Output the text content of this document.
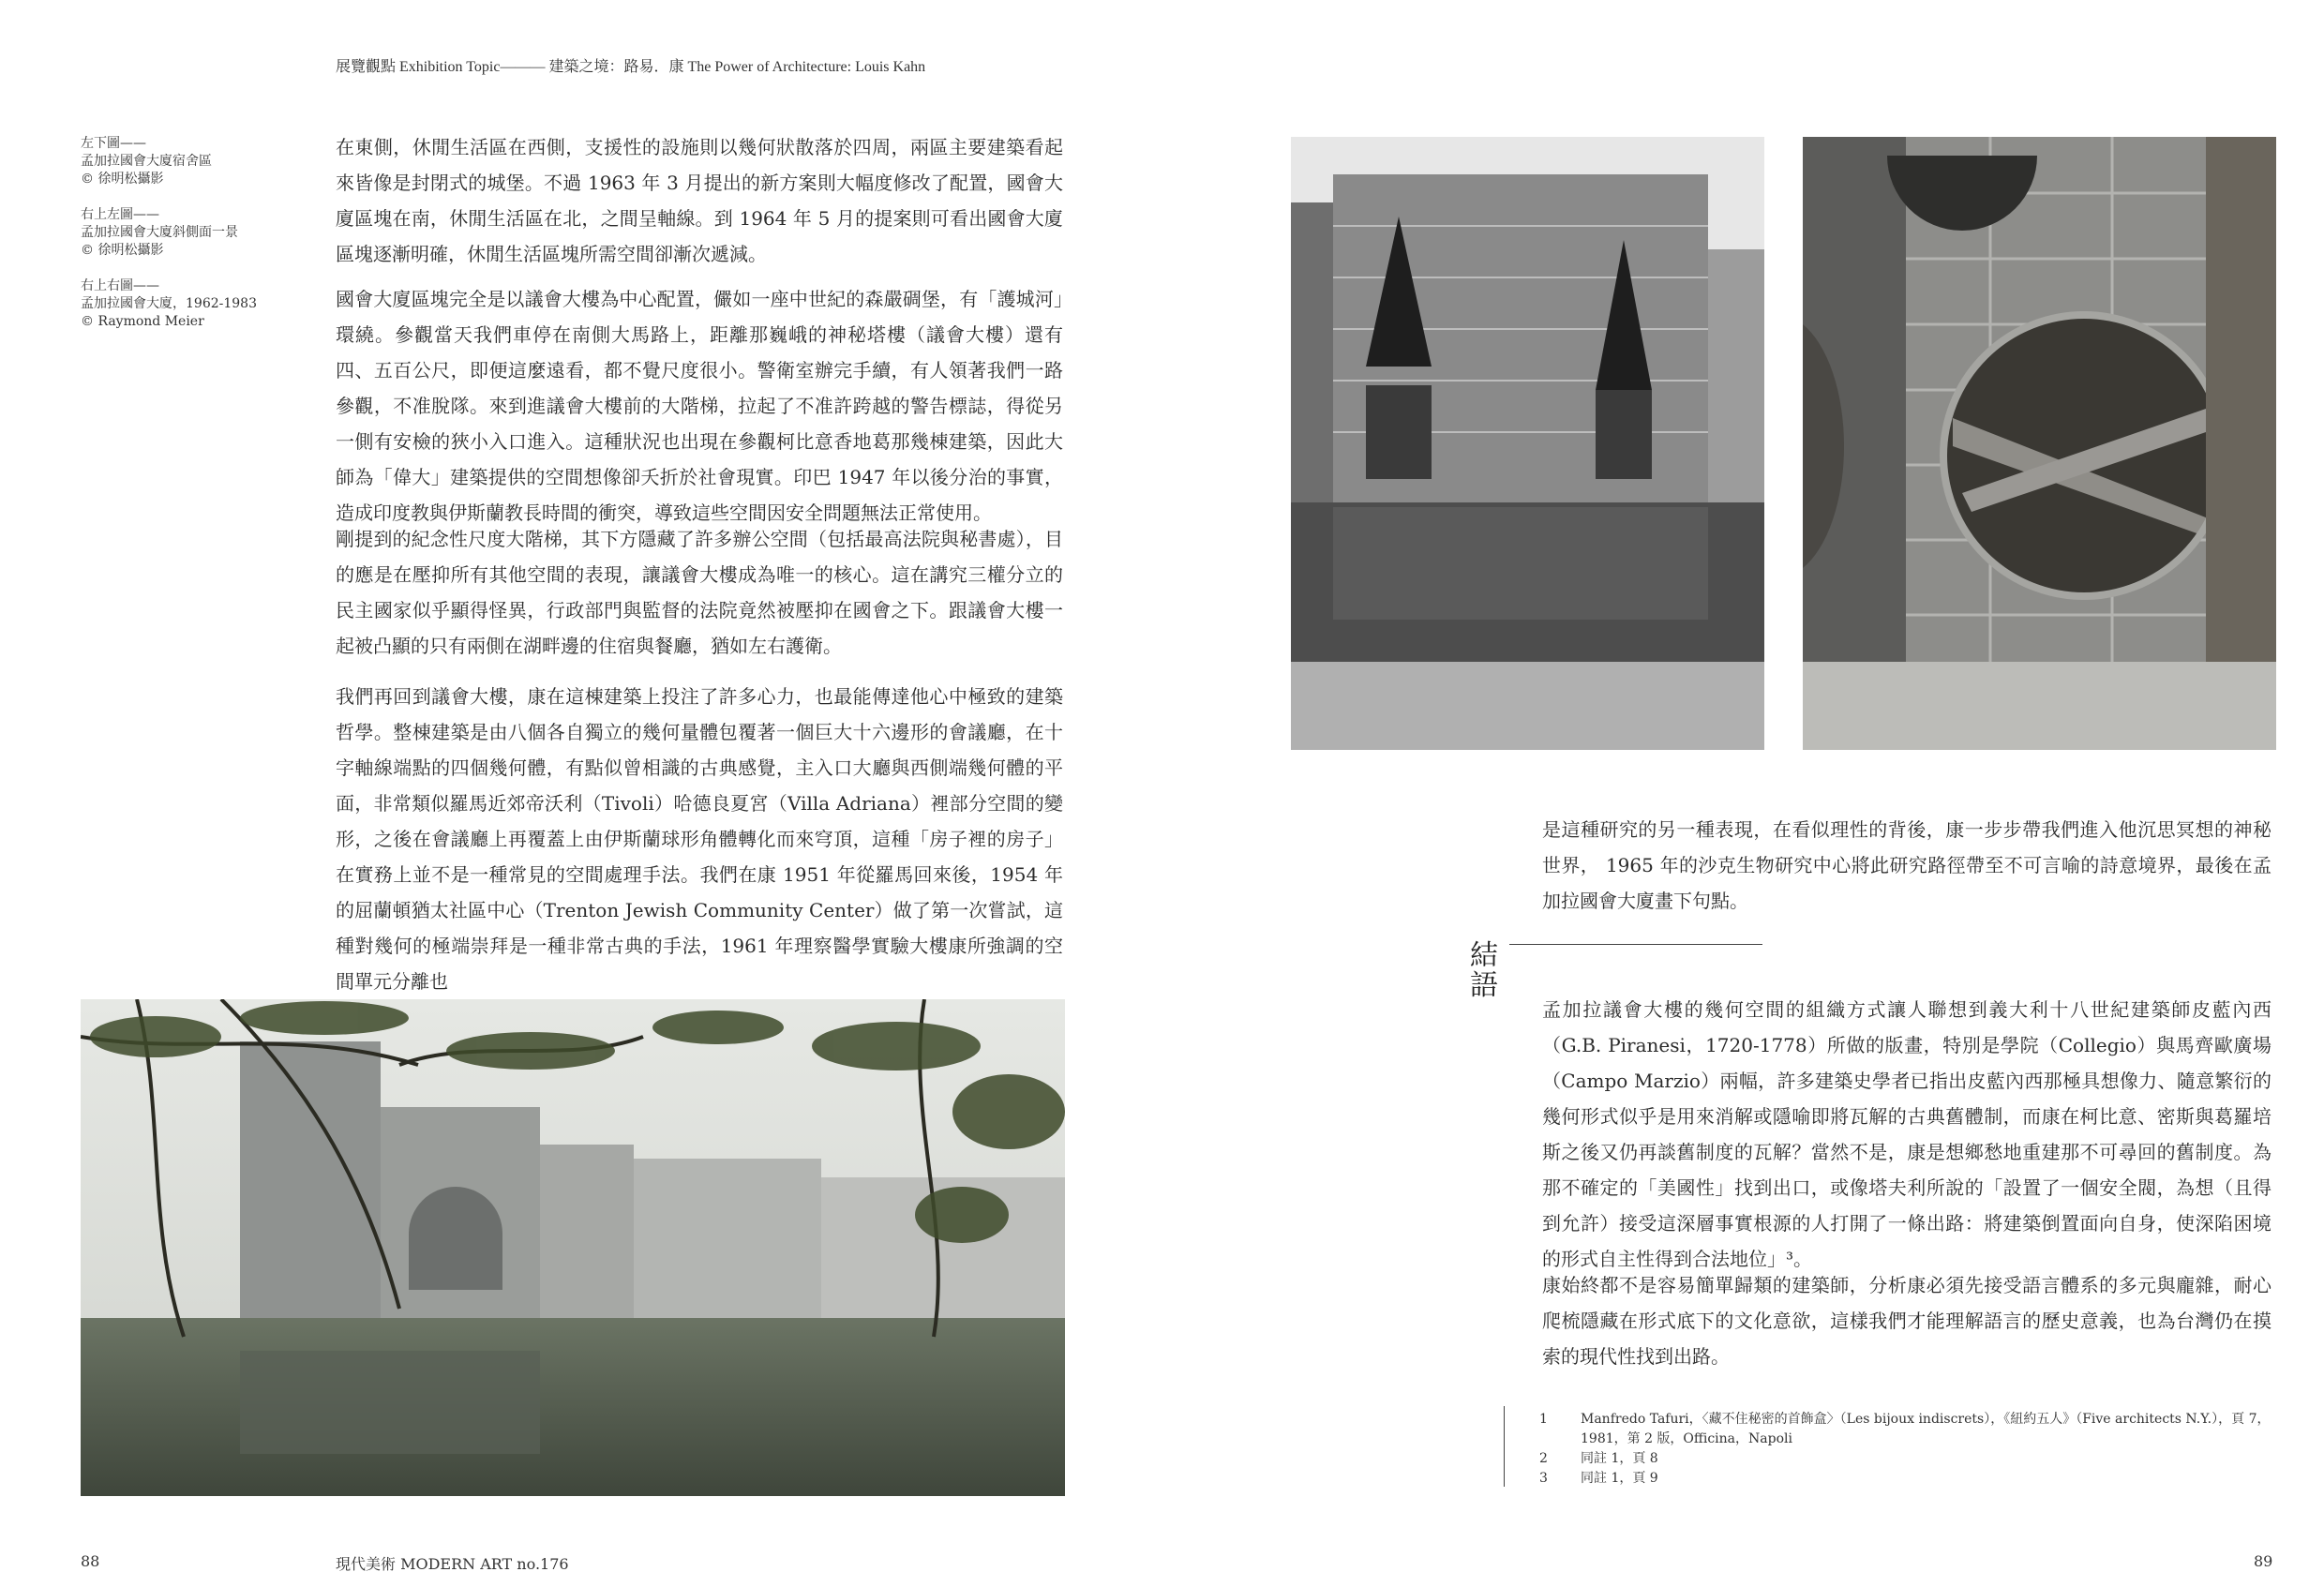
展覽觀點 Exhibition Topic——— 建築之境：路易．康 The Power of Architecture: Louis Kahn
左下圖——
孟加拉國會大廈宿舍區
© 徐明松攝影
右上左圖——
孟加拉國會大廈斜側面一景
© 徐明松攝影
右上右圖——
孟加拉國會大廈，1962-1983
© Raymond Meier

在東側，休閒生活區在西側，支援性的設施則以幾何狀散落於四周，兩區主要建築看起來皆像是封閉式的城堡。不過 1963 年 3 月提出的新方案則大幅度修改了配置，國會大廈區塊在南，休閒生活區在北，之間呈軸線。到 1964 年 5 月的提案則可看出國會大廈區塊逐漸明確，休閒生活區塊所需空間卻漸次遞減。

國會大廈區塊完全是以議會大樓為中心配置，儼如一座中世紀的森嚴碉堡，有「護城河」環繞。參觀當天我們車停在南側大馬路上，距離那巍峨的神秘塔樓（議會大樓）還有四、五百公尺，即便這麼遠看，都不覺尺度很小。警衛室辦完手續，有人領著我們一路參觀，不准脫隊。來到進議會大樓前的大階梯，拉起了不准許跨越的警告標誌，得從另一側有安檢的狹小入口進入。這種狀況也出現在參觀柯比意香地葛那幾棟建築，因此大師為「偉大」建築提供的空間想像卻夭折於社會現實。印巴 1947 年以後分治的事實，造成印度教與伊斯蘭教長時間的衝突，導致這些空間因安全問題無法正常使用。

剛提到的紀念性尺度大階梯，其下方隱藏了許多辦公空間（包括最高法院與秘書處），目的應是在壓抑所有其他空間的表現，讓議會大樓成為唯一的核心。這在講究三權分立的民主國家似乎顯得怪異，行政部門與監督的法院竟然被壓抑在國會之下。跟議會大樓一起被凸顯的只有兩側在湖畔邊的住宿與餐廳，猶如左右護衛。

我們再回到議會大樓，康在這棟建築上投注了許多心力，也最能傳達他心中極致的建築哲學。整棟建築是由八個各自獨立的幾何量體包覆著一個巨大十六邊形的會議廳，在十字軸線端點的四個幾何體，有點似曾相識的古典感覺，主入口大廳與西側端幾何體的平面，非常類似羅馬近郊帝沃利（Tivoli）哈德良夏宮（Villa Adriana）裡部分空間的變形，之後在會議廳上再覆蓋上由伊斯蘭球形角體轉化而來穹頂，這種「房子裡的房子」在實務上並不是一種常見的空間處理手法。我們在康 1951 年從羅馬回來後，1954 年的屈蘭頓猶太社區中心（Trenton Jewish Community Center）做了第一次嘗試，這種對幾何的極端崇拜是一種非常古典的手法，1961 年理察醫學實驗大樓康所強調的空間單元分離也

是這種研究的另一種表現，在看似理性的背後，康一步步帶我們進入他沉思冥想的神秘世界， 1965 年的沙克生物研究中心將此研究路徑帶至不可言喻的詩意境界，最後在孟加拉國會大廈畫下句點。

結語

孟加拉議會大樓的幾何空間的組織方式讓人聯想到義大利十八世紀建築師皮藍內西（G.B. Piranesi，1720-1778）所做的版畫，特別是學院（Collegio）與馬齊歐廣場（Campo Marzio）兩幅，許多建築史學者已指出皮藍內西那極具想像力、隨意繁衍的幾何形式似乎是用來消解或隱喻即將瓦解的古典舊體制，而康在柯比意、密斯與葛羅培斯之後又仍再談舊制度的瓦解？當然不是，康是想鄉愁地重建那不可尋回的舊制度。為那不確定的「美國性」找到出口，或像塔夫利所說的「設置了一個安全閥，為想（且得到允許）接受這深層事實根源的人打開了一條出路：將建築倒置面向自身，使深陷困境的形式自主性得到合法地位」³。

康始終都不是容易簡單歸類的建築師，分析康必須先接受語言體系的多元與龐雜，耐心爬梳隱藏在形式底下的文化意欲，這樣我們才能理解語言的歷史意義，也為台灣仍在摸索的現代性找到出路。

1	Manfredo Tafuri，〈藏不住秘密的首飾盒〉（Les bijoux indiscrets），《紐約五人》（Five architects N.Y.），頁 7，1981，第 2 版，Officina，Napoli
2	同註 1，頁 8
3	同註 1，頁 9
88	現代美術 MODERN ART no.176	89
